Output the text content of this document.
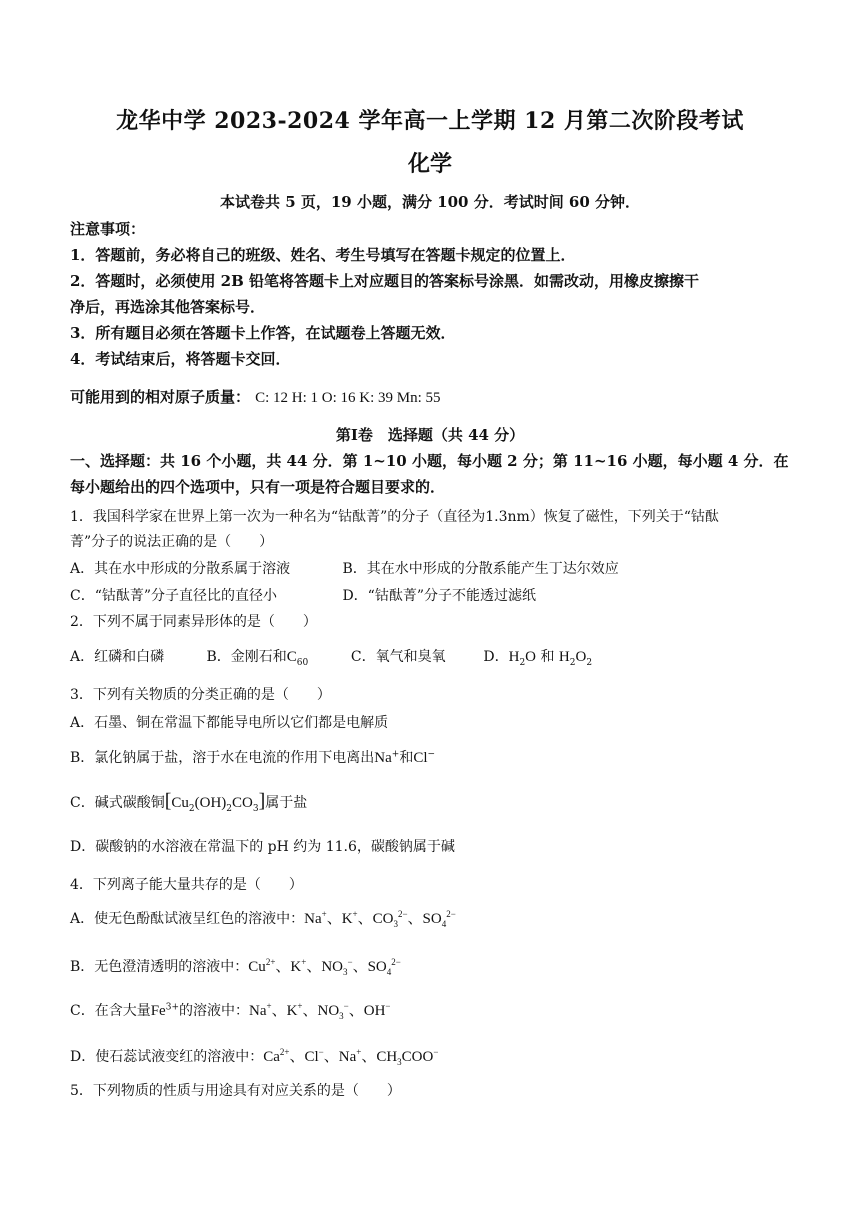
龙华中学 2023-2024 学年高一上学期 12 月第二次阶段考试
化学
本试卷共 5 页，19 小题，满分 100 分．考试时间 60 分钟．
注意事项：
1．答题前，务必将自己的班级、姓名、考生号填写在答题卡规定的位置上．
2．答题时，必须使用 2B 铅笔将答题卡上对应题目的答案标号涂黑．如需改动，用橡皮擦擦干
净后，再选涂其他答案标号．
3．所有题目必须在答题卡上作答，在试题卷上答题无效．
4．考试结束后，将答题卡交回．
可能用到的相对原子质量： C: 12 H: 1 O: 16 K: 39 Mn: 55
第Ⅰ卷　选择题（共 44 分）
一、选择题：共 16 个小题，共 44 分．第 1~10 小题，每小题 2 分；第 11~16 小题，每小题 4 分．在
每小题给出的四个选项中，只有一项是符合题目要求的．
1．我国科学家在世界上第一次为一种名为“钴酞菁”的分子（直径为1.3nm）恢复了磁性，下列关于“钴酞
菁”分子的说法正确的是（　　）
A．其在水中形成的分散系属于溶液	B．其在水中形成的分散系能产生丁达尔效应
C．“钴酞菁”分子直径比的直径小	D．“钴酞菁”分子不能透过滤纸
2．下列不属于同素异形体的是（　　）
A．红磷和白磷	B．金刚石和$C_{60}$	C．氧气和臭氧	D．$H_2O$ 和 $H_2O_2$
3．下列有关物质的分类正确的是（　　）
A．石墨、铜在常温下都能导电所以它们都是电解质
B．氯化钠属于盐，溶于水在电流的作用下电离出Na+和Cl−
C．碱式碳酸铜$[Cu_2(OH)_2CO_3]$属于盐
D．碳酸钠的水溶液在常温下的 pH 约为 11.6，碳酸钠属于碱
4．下列离子能大量共存的是（　　）
A．使无色酚酞试液呈红色的溶液中：Na+、K+、$CO_3^{2-}$、$SO_4^{2-}$
B．无色澄清透明的溶液中：$Cu^{2+}$、K+、$NO_3^-$、$SO_4^{2-}$
C．在含大量$Fe^{3+}$的溶液中：Na+、K+、$NO_3^-$、OH−
D．使石蕊试液变红的溶液中：$Ca^{2+}$、Cl−、Na+、$CH_3COO^-$
5．下列物质的性质与用途具有对应关系的是（　　）
